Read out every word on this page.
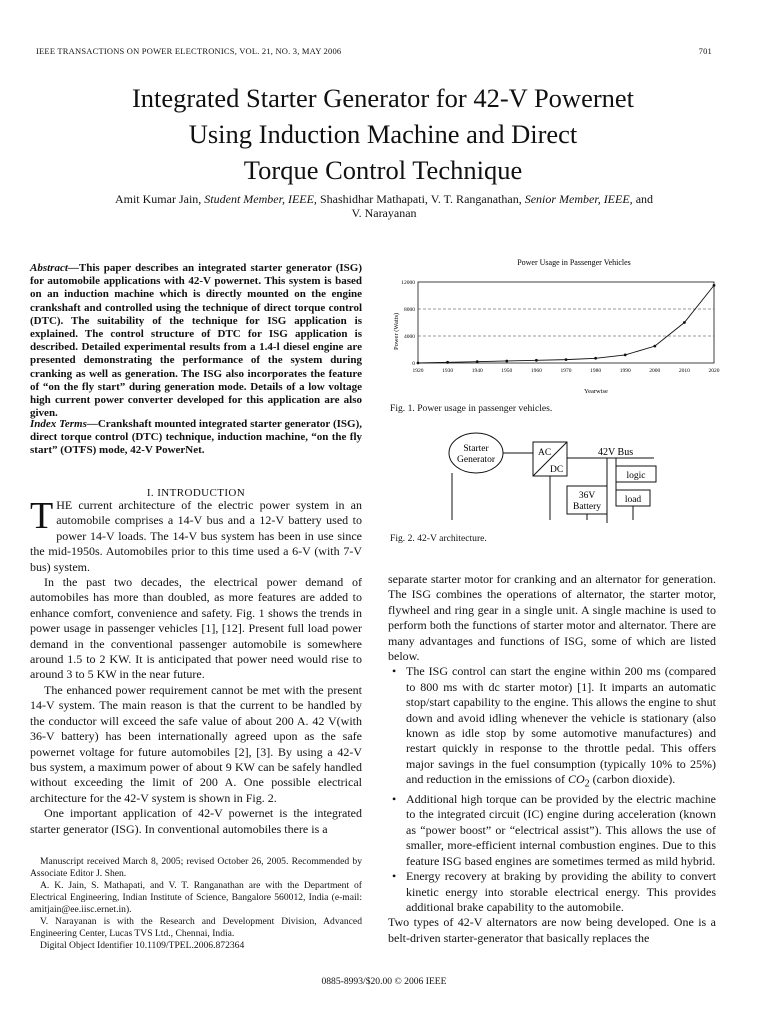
IEEE TRANSACTIONS ON POWER ELECTRONICS, VOL. 21, NO. 3, MAY 2006	701
Integrated Starter Generator for 42-V Powernet
Using Induction Machine and Direct
Torque Control Technique
Amit Kumar Jain, Student Member, IEEE, Shashidhar Mathapati, V. T. Ranganathan, Senior Member, IEEE, and
V. Narayanan
Abstract—This paper describes an integrated starter generator (ISG) for automobile applications with 42-V powernet. This system is based on an induction machine which is directly mounted on the engine crankshaft and controlled using the technique of direct torque control (DTC). The suitability of the technique for ISG application is explained. The control structure of DTC for ISG application is described. Detailed experimental results from a 1.4-l diesel engine are presented demonstrating the performance of the system during cranking as well as generation. The ISG also incorporates the feature of “on the fly start” during generation mode. Details of a low voltage high current power converter developed for this application are also given.
Index Terms—Crankshaft mounted integrated starter generator (ISG), direct torque control (DTC) technique, induction machine, “on the fly start” (OTFS) mode, 42-V PowerNet.
I. INTRODUCTION

THE current architecture of the electric power system in an automobile comprises a 14-V bus and a 12-V battery used to power 14-V loads. The 14-V bus system has been in use since the mid-1950s. Automobiles prior to this time used a 6-V (with 7-V bus) system.

In the past two decades, the electrical power demand of automobiles has more than doubled, as more features are added to enhance comfort, convenience and safety. Fig. 1 shows the trends in power usage in passenger vehicles [1], [12]. Present full load power demand in the conventional passenger automobile is somewhere around 1.5 to 2 KW. It is anticipated that power need would rise to around 3 to 5 KW in the near future.

The enhanced power requirement cannot be met with the present 14-V system. The main reason is that the current to be handled by the conductor will exceed the safe value of about 200 A. 42 V(with 36-V battery) has been internationally agreed upon as the safe powernet voltage for future automobiles [2], [3]. By using a 42-V bus system, a maximum power of about 9 KW can be safely handled without exceeding the limit of 200 A. One possible electrical architecture for the 42-V system is shown in Fig. 2.

One important application of 42-V powernet is the integrated starter generator (ISG). In conventional automobiles there is a

Manuscript received March 8, 2005; revised October 26, 2005. Recommended by Associate Editor J. Shen.

A. K. Jain, S. Mathapati, and V. T. Ranganathan are with the Department of Electrical Engineering, Indian Institute of Science, Bangalore 560012, India (e-mail: amitjain@ee.iisc.ernet.in).

V. Narayanan is with the Research and Development Division, Advanced Engineering Center, Lucas TVS Ltd., Chennai, India.

Digital Object Identifier 10.1109/TPEL.2006.872364

Power Usage in Passenger Vehicles
Power (Watts)
Yearwise
0
4000
8000
12000
1920	1930	1940	1950	1960	1970	1980	1990	2000	2010	2020
Fig. 1. Power usage in passenger vehicles.
Starter
Generator
AC
DC
42V Bus
logic
load
36V
Battery
Fig. 2. 42-V architecture.

separate starter motor for cranking and an alternator for generation. The ISG combines the operations of alternator, the starter motor, flywheel and ring gear in a single unit. A single machine is used to perform both the functions of starter motor and alternator. There are many advantages and functions of ISG, some of which are listed below.

• The ISG control can start the engine within 200 ms (compared to 800 ms with dc starter motor) [1]. It imparts an automatic stop/start capability to the engine. This allows the engine to shut down and avoid idling whenever the vehicle is stationary (also known as idle stop by some automotive manufactures) and restart quickly in response to the throttle pedal. This offers major savings in the fuel consumption (typically 10% to 25%) and reduction in the emissions of $CO_2$ (carbon dioxide).
• Additional high torque can be provided by the electric machine to the integrated circuit (IC) engine during acceleration (known as “power boost” or “electrical assist”). This allows the use of smaller, more-efficient internal combustion engines. Due to this feature ISG based engines are sometimes termed as mild hybrid.
• Energy recovery at braking by providing the ability to convert kinetic energy into storable electrical energy. This provides additional brake capability to the automobile.

Two types of 42-V alternators are now being developed. One is a belt-driven starter-generator that basically replaces the

0885-8993/$20.00 © 2006 IEEE
